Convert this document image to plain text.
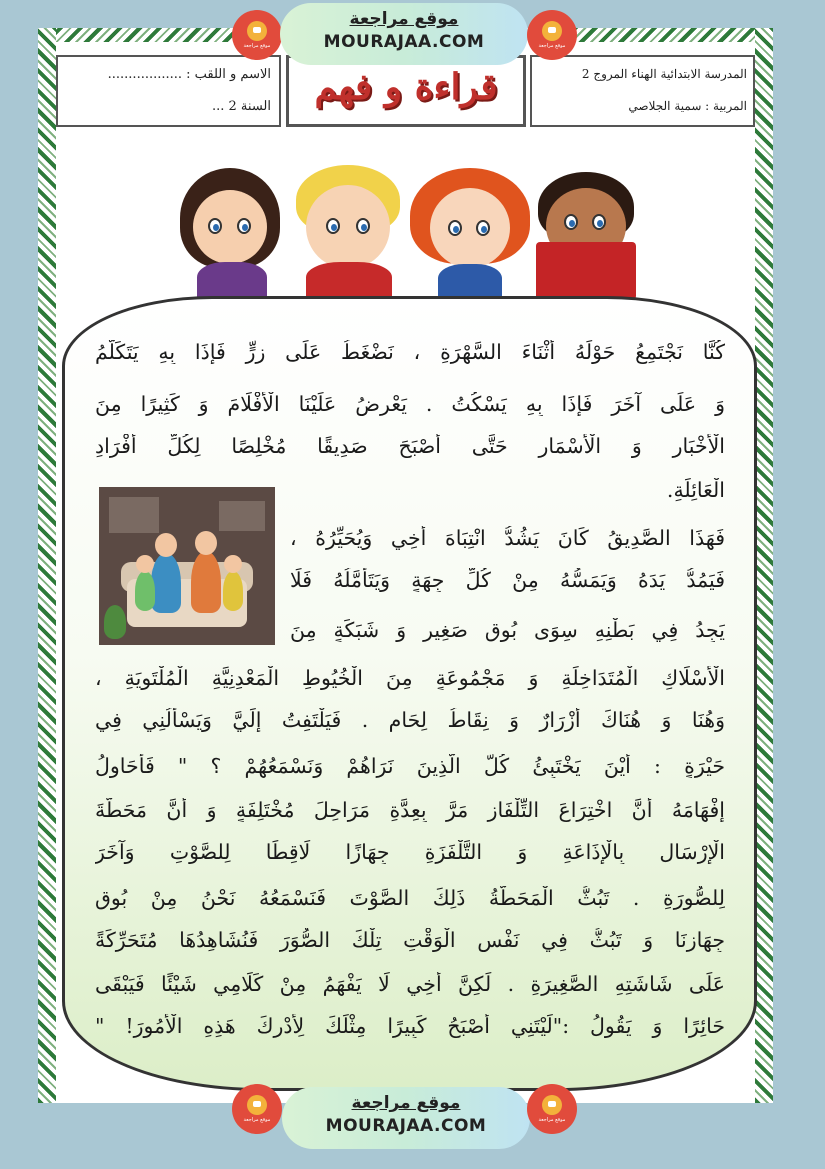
الاسم و اللقب : ..................
السنة 2 ...	قراءة و فهم	المدرسة الابتدائية الهناء المروج 2
المربية : سمية الجلاصي
موقع مراجعة
موقع مراجعة
MOURAJAA.COM	موقع مراجعة
كُنَّا نَجْتَمِعُ حَوْلَهُ أَثْنَاءَ السَّهْرَةِ ، نَضْغَطُ عَلَى زِرٍّ فَإِذَا بِهِ يَتَكَلَّمُ
وَ عَلَى آخَرَ فَإِذَا بِهِ يَسْكُتُ . يَعْرِضُ عَلَيْنَا الْأَفْلَامَ وَ كَثِيرًا مِنَ
الْأَخْبَارِ وَ الْأَسْمَارِ حَتَّى أَصْبَحَ صَدِيقًا مُخْلِصًا لِكُلِّ أَفْرَادِ
الْعَائِلَةِ.
فَهَذَا الصَّدِيقُ كَانَ يَشُدُّ انْتِبَاهَ أَخِي وَيُحَيِّرُهُ ،
فَيَمُدُّ يَدَهُ وَيَمَسُّهُ مِنْ كُلِّ جِهَةٍ وَيَتَأَمَّلُهُ فَلَا
يَجِدُ فِي بَطْنِهِ سِوَى بُوقٍ صَغِيرٍ وَ شَبَكَةٍ مِنَ
الْأَسْلَاكِ الْمُتَدَاخِلَةِ وَ مَجْمُوعَةٍ مِنَ الْخُيُوطِ الْمَعْدِنِيَّةِ الْمُلْتَوِيَةِ ،
وَهُنَا وَ هُنَاكَ أَزْرَارٌ وَ نِقَاطُ لِحَامٍ . فَيَلْتَفِتُ إِلَيَّ وَيَسْأَلُنِي فِي
حَيْرَةٍ : أَيْنَ يَخْتَبِئُ كُلُّ الَّذِينَ نَرَاهُمْ وَنَسْمَعُهُمْ ؟ " فَأُحَاوِلُ
إِفْهَامَهُ أَنَّ اخْتِرَاعَ التِّلْفَازِ مَرَّ بِعِدَّةِ مَرَاحِلَ مُخْتَلِفَةٍ وَ أَنَّ مَحَطَّةَ
الْإِرْسَالِ بِالْإِذَاعَةِ وَ التَّلْفَزَةِ جِهَازًا لَاقِطًا لِلصَّوْتِ وَآخَرَ
لِلصُّورَةِ . تَبُثُّ الْمَحَطَّةُ ذَلِكَ الصَّوْتَ فَنَسْمَعُهُ نَحْنُ مِنْ بُوقِ
جِهَازِنَا وَ تَبُثُّ فِي نَفْسِ الْوَقْتِ تِلْكَ الصُّوَرَ فَنُشَاهِدُهَا مُتَحَرِّكَةً
عَلَى شَاشَتِهِ الصَّغِيرَةِ . لَكِنَّ أَخِي لَا يَفْهَمُ مِنْ كَلَامِي شَيْئًا فَيَبْقَى
حَائِرًا وَ يَقُولُ :"لَيْتَنِي أَصْبَحُ كَبِيرًا مِثْلَكَ لِأُدْرِكَ هَذِهِ الْأُمُورَ! "
موقع مراجعة
موقع مراجعة
MOURAJAA.COM	موقع مراجعة
